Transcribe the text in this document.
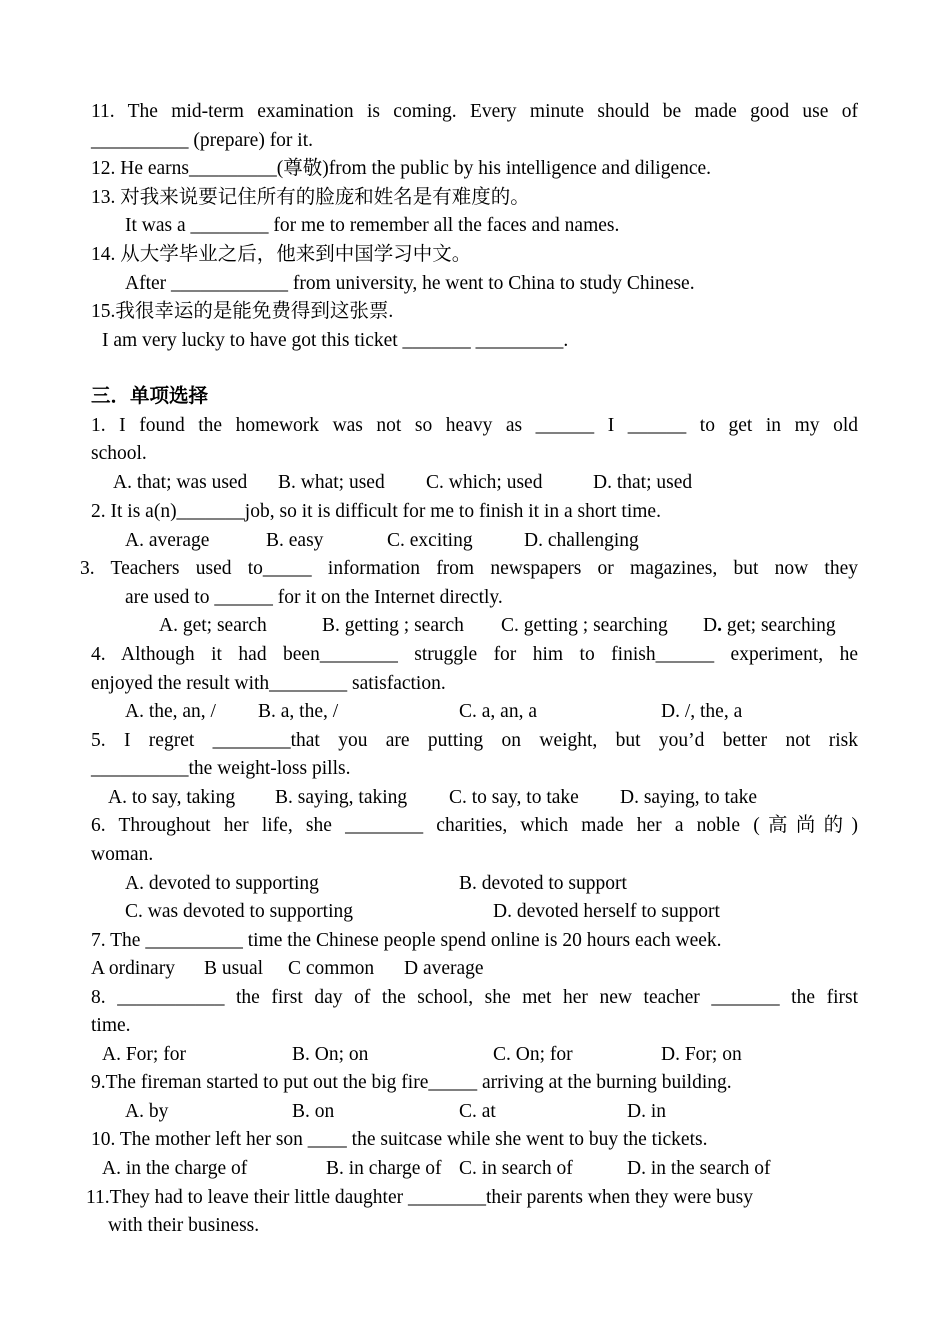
11. The mid-term examination is coming. Every minute should be made good use of
__________ (prepare) for it.
12. He earns_________(尊敬)from the public by his intelligence and diligence.
13. 对我来说要记住所有的脸庞和姓名是有难度的。
It was a ________ for me to remember all the faces and names.
14. 从大学毕业之后，他来到中国学习中文。
After ____________ from university, he went to China to study Chinese.
15.我很幸运的是能免费得到这张票.
I am very lucky to have got this ticket _______ _________.
三．单项选择
1. I found the homework was not so heavy as ______ I ______ to get in my old
school.
A. that; was used B. what; used C. which; used	D. that; used
2. It is a(n)_______job, so it is difficult for me to finish it in a short time.
A. average	B. easy	C. exciting	D. challenging
3. Teachers used to_____ information from newspapers or magazines, but now they
are used to ______ for it on the Internet directly.
A. get; search	B. getting ; search C. getting ; searching D. get; searching
4. Although it had been________ struggle for him to finish______ experiment, he
enjoyed the result with________ satisfaction.
A. the, an, / B. a, the, /	C. a, an, a	D. /, the, a
5. I regret ________that you are putting on weight, but you’d better not risk
__________the weight-loss pills.
A. to say, taking B. saying, taking C. to say, to take D. saying, to take
6. Throughout her life, she ________ charities, which made her a noble (高尚的)
woman.
A. devoted to supporting	B. devoted to support
C. was devoted to supporting	D. devoted herself to support
7. The __________ time the Chinese people spend online is 20 hours each week.
A ordinary B usual C common D average
8. ___________ the first day of the school, she met her new teacher _______ the first
time.
A. For; for	B. On; on	C. On; for	D. For; on
9.The fireman started to put out the big fire_____ arriving at the burning building.
A. by	B. on	C. at	D. in
10. The mother left her son ____ the suitcase while she went to buy the tickets.
A. in the charge of	B. in charge of C. in search of	D. in the search of
11.They had to leave their little daughter ________their parents when they were busy
with their business.
